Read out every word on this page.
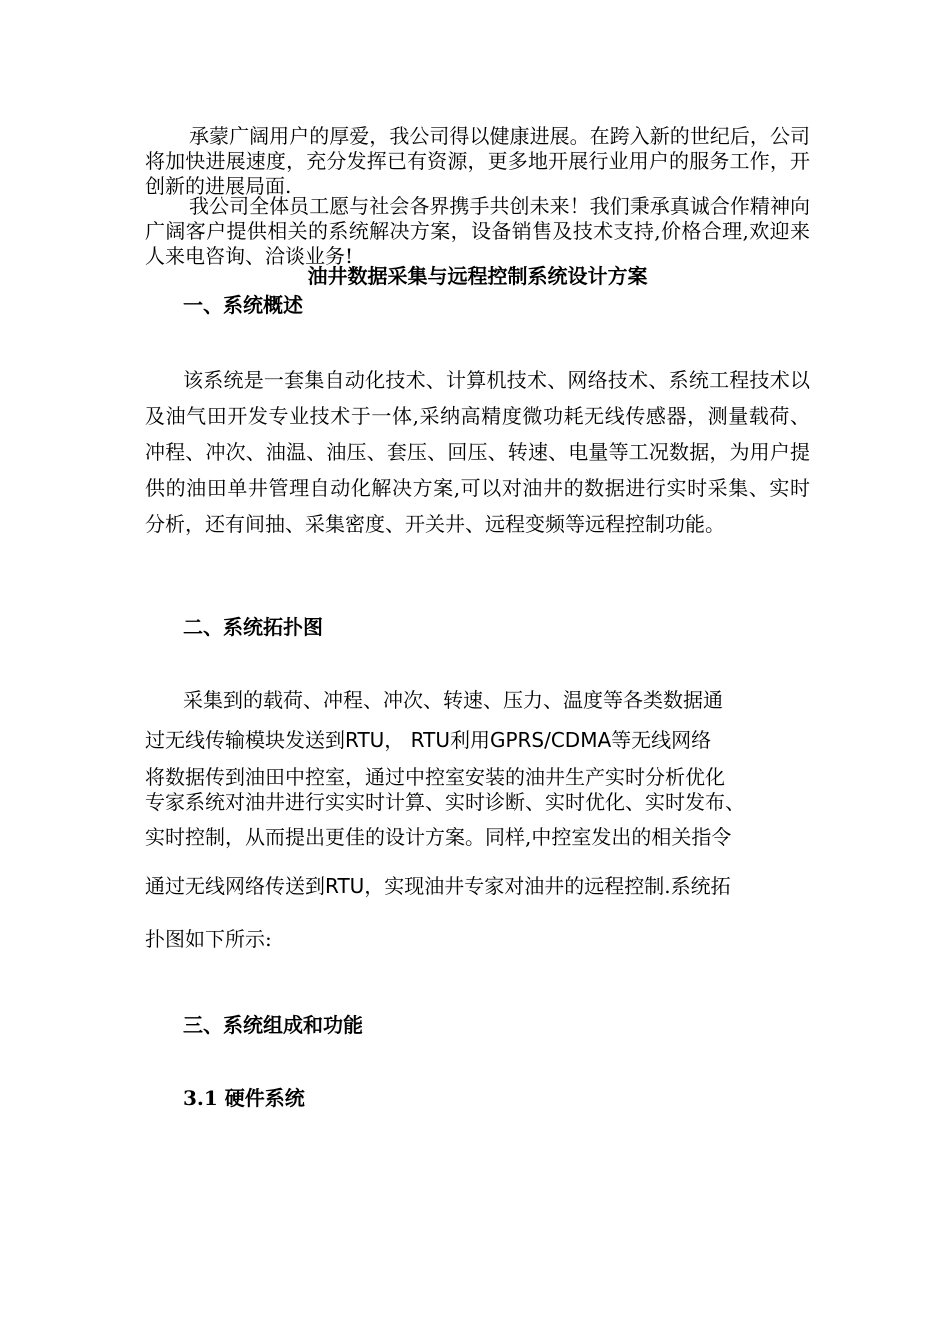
承蒙广阔用户的厚爱，我公司得以健康进展。在跨入新的世纪后，公司将加快进展速度，充分发挥已有资源，更多地开展行业用户的服务工作，开创新的进展局面.

我公司全体员工愿与社会各界携手共创未来！我们秉承真诚合作精神向广阔客户提供相关的系统解决方案，设备销售及技术支持,价格合理,欢迎来人来电咨询、洽谈业务!

油井数据采集与远程控制系统设计方案
一、系统概述

该系统是一套集自动化技术、计算机技术、网络技术、系统工程技术以及油气田开发专业技术于一体,采纳高精度微功耗无线传感器，测量载荷、冲程、冲次、油温、油压、套压、回压、转速、电量等工况数据，为用户提供的油田单井管理自动化解决方案,可以对油井的数据进行实时采集、实时分析，还有间抽、采集密度、开关井、远程变频等远程控制功能。

二、系统拓扑图

采集到的载荷、冲程、冲次、转速、压力、温度等各类数据通

过无线传输模块发送到RTU， RTU利用GPRS/CDMA等无线网络

将数据传到油田中控室，通过中控室安装的油井生产实时分析优化

专家系统对油井进行实实时计算、实时诊断、实时优化、实时发布、

实时控制，从而提出更佳的设计方案。同样,中控室发出的相关指令

通过无线网络传送到RTU，实现油井专家对油井的远程控制.系统拓

扑图如下所示:

三、系统组成和功能
3.1 硬件系统
